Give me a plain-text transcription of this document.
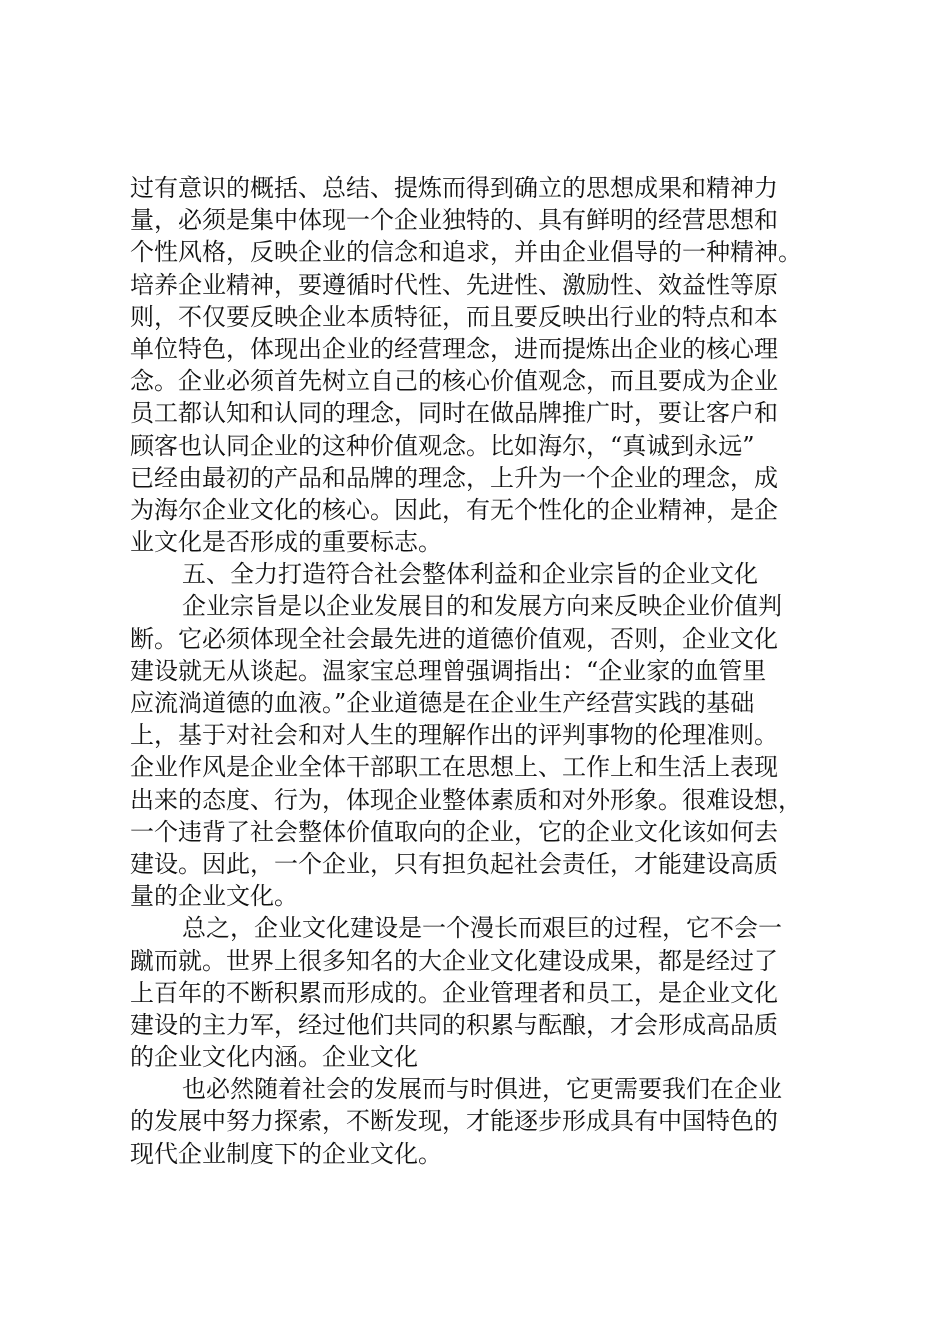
过有意识的概括、总结、提炼而得到确立的思想成果和精神力
量，必须是集中体现一个企业独特的、具有鲜明的经营思想和
个性风格，反映企业的信念和追求，并由企业倡导的一种精神。
培养企业精神，要遵循时代性、先进性、激励性、效益性等原
则，不仅要反映企业本质特征，而且要反映出行业的特点和本
单位特色，体现出企业的经营理念，进而提炼出企业的核心理
念。企业必须首先树立自己的核心价值观念，而且要成为企业
员工都认知和认同的理念，同时在做品牌推广时，要让客户和
顾客也认同企业的这种价值观念。比如海尔，“真诚到永远”
已经由最初的产品和品牌的理念，上升为一个企业的理念，成
为海尔企业文化的核心。因此，有无个性化的企业精神，是企
业文化是否形成的重要标志。
五、全力打造符合社会整体利益和企业宗旨的企业文化
企业宗旨是以企业发展目的和发展方向来反映企业价值判
断。它必须体现全社会最先进的道德价值观，否则，企业文化
建设就无从谈起。温家宝总理曾强调指出：“企业家的血管里
应流淌道德的血液。”企业道德是在企业生产经营实践的基础
上，基于对社会和对人生的理解作出的评判事物的伦理准则。
企业作风是企业全体干部职工在思想上、工作上和生活上表现
出来的态度、行为，体现企业整体素质和对外形象。很难设想，
一个违背了社会整体价值取向的企业，它的企业文化该如何去
建设。因此，一个企业，只有担负起社会责任，才能建设高质
量的企业文化。
总之，企业文化建设是一个漫长而艰巨的过程，它不会一
蹴而就。世界上很多知名的大企业文化建设成果，都是经过了
上百年的不断积累而形成的。企业管理者和员工，是企业文化
建设的主力军，经过他们共同的积累与酝酿，才会形成高品质
的企业文化内涵。企业文化
也必然随着社会的发展而与时俱进，它更需要我们在企业
的发展中努力探索，不断发现，才能逐步形成具有中国特色的
现代企业制度下的企业文化。
